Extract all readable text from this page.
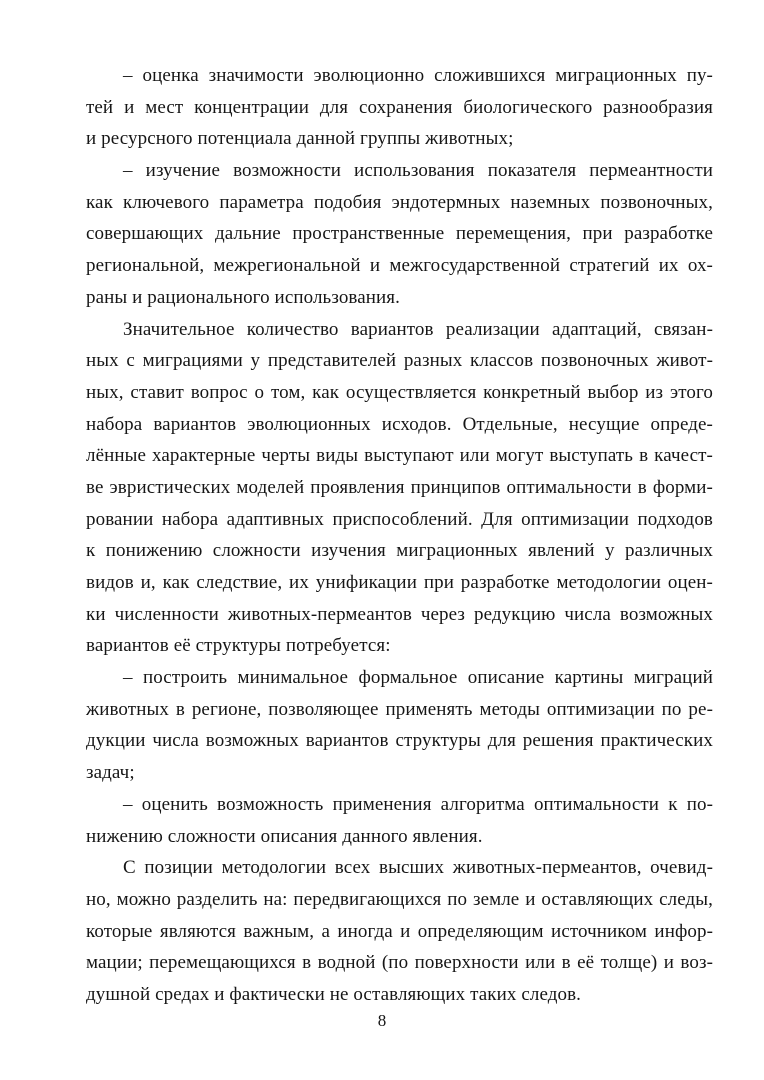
– оценка значимости эволюционно сложившихся миграционных пу-
тей и мест концентрации для сохранения биологического разнообразия
и ресурсного потенциала данной группы животных;
– изучение возможности использования показателя пермеантности
как ключевого параметра подобия эндотермных наземных позвоночных,
совершающих дальние пространственные перемещения, при разработке
региональной, межрегиональной и межгосударственной стратегий их ох-
раны и рационального использования.
Значительное количество вариантов реализации адаптаций, связан-
ных с миграциями у представителей разных классов позвоночных живот-
ных, ставит вопрос о том, как осуществляется конкретный выбор из этого
набора вариантов эволюционных исходов. Отдельные, несущие опреде-
лённые характерные черты виды выступают или могут выступать в качест-
ве эвристических моделей проявления принципов оптимальности в форми-
ровании набора адаптивных приспособлений. Для оптимизации подходов
к понижению сложности изучения миграционных явлений у различных
видов и, как следствие, их унификации при разработке методологии оцен-
ки численности животных-пермеантов через редукцию числа возможных
вариантов её структуры потребуется:
– построить минимальное формальное описание картины миграций
животных в регионе, позволяющее применять методы оптимизации по ре-
дукции числа возможных вариантов структуры для решения практических
задач;
– оценить возможность применения алгоритма оптимальности к по-
нижению сложности описания данного явления.
С позиции методологии всех высших животных-пермеантов, очевид-
но, можно разделить на: передвигающихся по земле и оставляющих следы,
которые являются важным, а иногда и определяющим источником инфор-
мации; перемещающихся в водной (по поверхности или в её толще) и воз-
душной средах и фактически не оставляющих таких следов.
8
